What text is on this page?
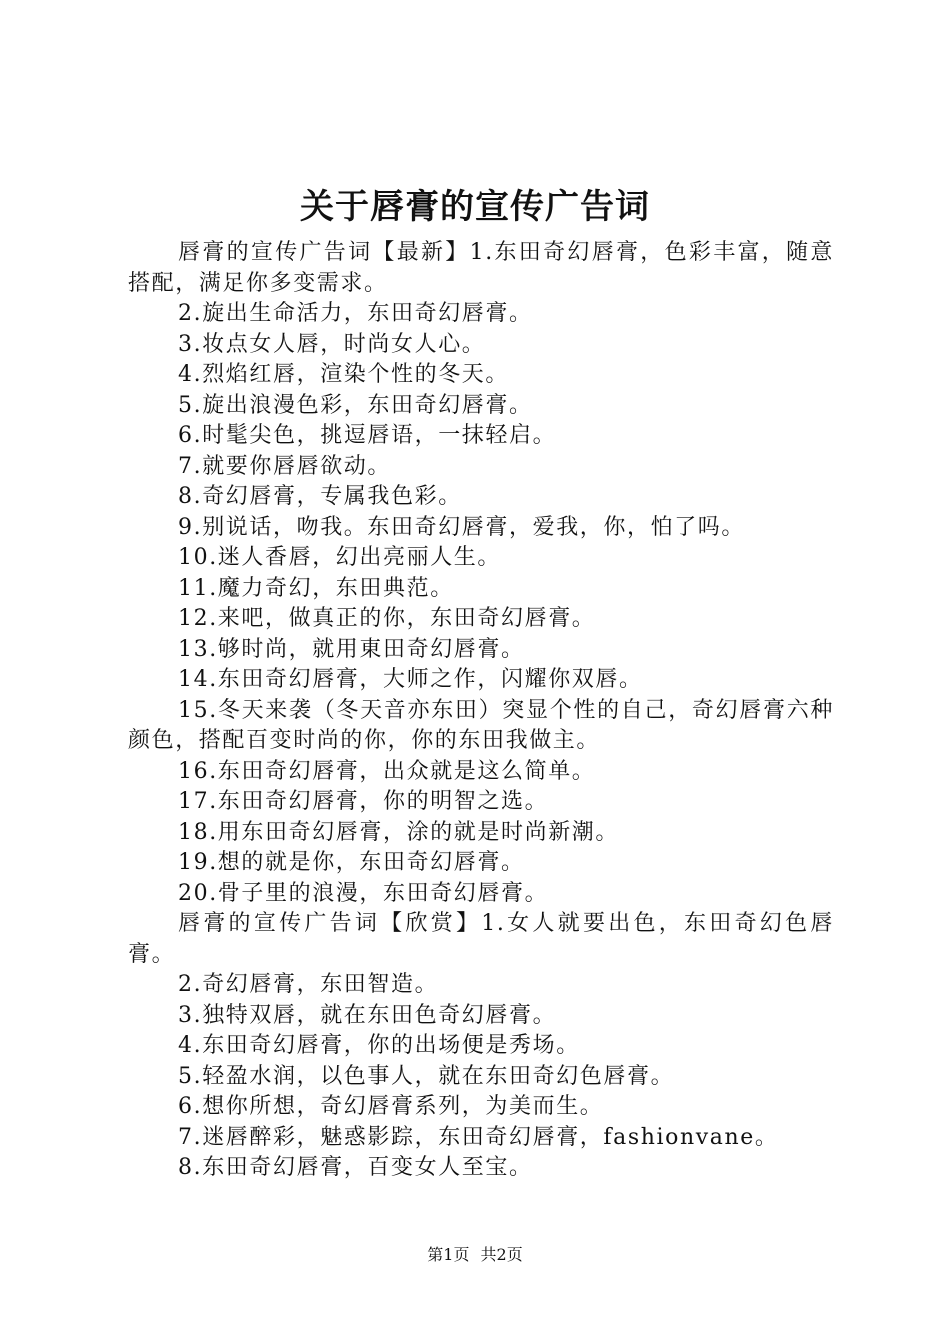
关于唇膏的宣传广告词

唇膏的宣传广告词【最新】1.东田奇幻唇膏，色彩丰富，随意搭配，满足你多变需求。

2.旋出生命活力，东田奇幻唇膏。

3.妆点女人唇，时尚女人心。

4.烈焰红唇，渲染个性的冬天。

5.旋出浪漫色彩，东田奇幻唇膏。

6.时髦尖色，挑逗唇语，一抹轻启。

7.就要你唇唇欲动。

8.奇幻唇膏，专属我色彩。

9.别说话，吻我。东田奇幻唇膏，爱我，你，怕了吗。

10.迷人香唇，幻出亮丽人生。

11.魔力奇幻，东田典范。

12.来吧，做真正的你，东田奇幻唇膏。

13.够时尚，就用東田奇幻唇膏。

14.东田奇幻唇膏，大师之作，闪耀你双唇。

15.冬天来袭（冬天音亦东田）突显个性的自己，奇幻唇膏六种颜色，搭配百变时尚的你，你的东田我做主。

16.东田奇幻唇膏，出众就是这么简单。

17.东田奇幻唇膏，你的明智之选。

18.用东田奇幻唇膏，涂的就是时尚新潮。

19.想的就是你，东田奇幻唇膏。

20.骨子里的浪漫，东田奇幻唇膏。

唇膏的宣传广告词【欣赏】1.女人就要出色，东田奇幻色唇膏。

2.奇幻唇膏，东田智造。

3.独特双唇，就在东田色奇幻唇膏。

4.东田奇幻唇膏，你的出场便是秀场。

5.轻盈水润，以色事人，就在东田奇幻色唇膏。

6.想你所想，奇幻唇膏系列，为美而生。

7.迷唇醉彩，魅惑影踪，东田奇幻唇膏，fashionvane。

8.东田奇幻唇膏，百变女人至宝。

第1页 共2页
